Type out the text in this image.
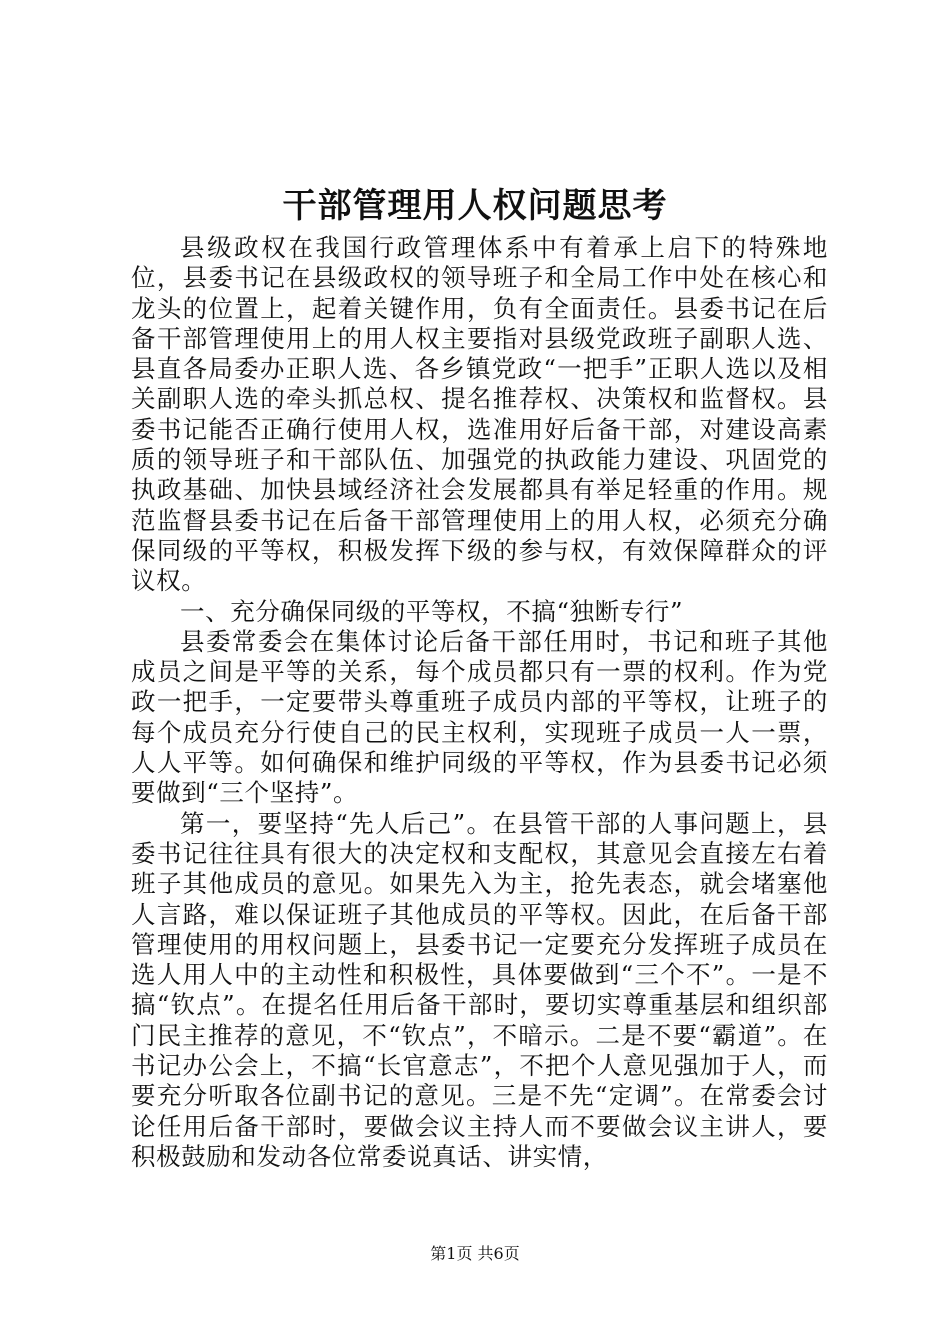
干部管理用人权问题思考

县级政权在我国行政管理体系中有着承上启下的特殊地位，县委书记在县级政权的领导班子和全局工作中处在核心和龙头的位置上，起着关键作用，负有全面责任。县委书记在后备干部管理使用上的用人权主要指对县级党政班子副职人选、县直各局委办正职人选、各乡镇党政“一把手”正职人选以及相关副职人选的牵头抓总权、提名推荐权、决策权和监督权。县委书记能否正确行使用人权，选准用好后备干部，对建设高素质的领导班子和干部队伍、加强党的执政能力建设、巩固党的执政基础、加快县域经济社会发展都具有举足轻重的作用。规范监督县委书记在后备干部管理使用上的用人权，必须充分确保同级的平等权，积极发挥下级的参与权，有效保障群众的评议权。

一、充分确保同级的平等权，不搞“独断专行”

县委常委会在集体讨论后备干部任用时，书记和班子其他成员之间是平等的关系，每个成员都只有一票的权利。作为党政一把手，一定要带头尊重班子成员内部的平等权，让班子的每个成员充分行使自己的民主权利，实现班子成员一人一票，人人平等。如何确保和维护同级的平等权，作为县委书记必须要做到“三个坚持”。

第一，要坚持“先人后己”。在县管干部的人事问题上，县委书记往往具有很大的决定权和支配权，其意见会直接左右着班子其他成员的意见。如果先入为主，抢先表态，就会堵塞他人言路，难以保证班子其他成员的平等权。因此，在后备干部管理使用的用权问题上，县委书记一定要充分发挥班子成员在选人用人中的主动性和积极性，具体要做到“三个不”。一是不搞“钦点”。在提名任用后备干部时，要切实尊重基层和组织部门民主推荐的意见，不“钦点”，不暗示。二是不要“霸道”。在书记办公会上，不搞“长官意志”，不把个人意见强加于人，而要充分听取各位副书记的意见。三是不先“定调”。在常委会讨论任用后备干部时，要做会议主持人而不要做会议主讲人，要积极鼓励和发动各位常委说真话、讲实情，

第1页 共6页
